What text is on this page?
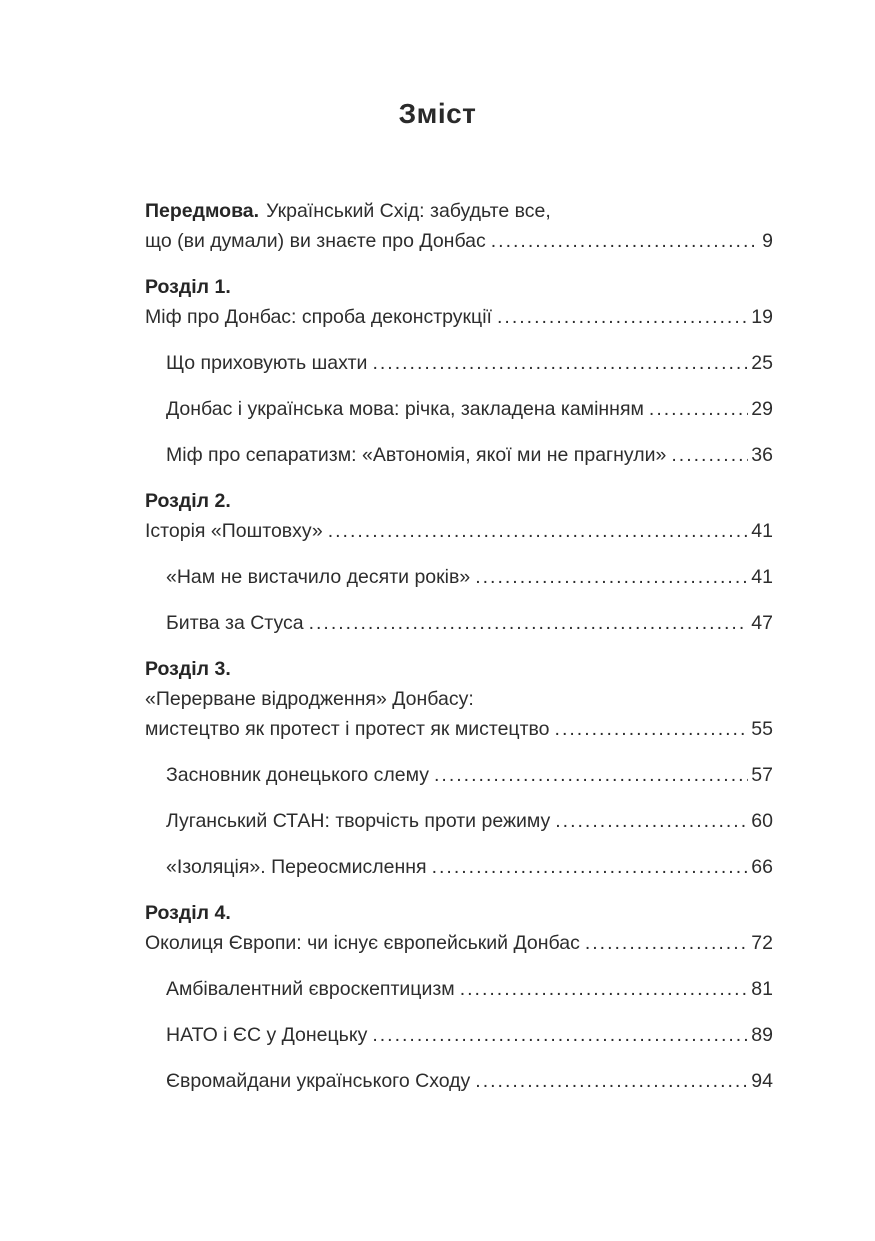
Зміст
Передмова. Український Схід: забудьте все,
що (ви думали) ви знаєте про Донбас .....	9
Розділ 1.
Міф про Донбас: спроба деконструкції .....	19
Що приховують шахти .....	25
Донбас і українська мова: річка, закладена камінням .....	29
Міф про сепаратизм: «Автономія, якої ми не прагнули» .....	36
Розділ 2.
Історія «Поштовху» .....	41
«Нам не вистачило десяти років» .....	41
Битва за Стуса .....	47
Розділ 3.
«Перерване відродження» Донбасу:
мистецтво як протест і протест як мистецтво .....	55
Засновник донецького слему .....	57
Луганський СТАН: творчість проти режиму .....	60
«Ізоляція». Переосмислення .....	66
Розділ 4.
Околиця Європи: чи існує європейський Донбас .....	72
Амбівалентний євроскептицизм .....	81
НАТО і ЄС у Донецьку .....	89
Євромайдани українського Сходу .....	94
